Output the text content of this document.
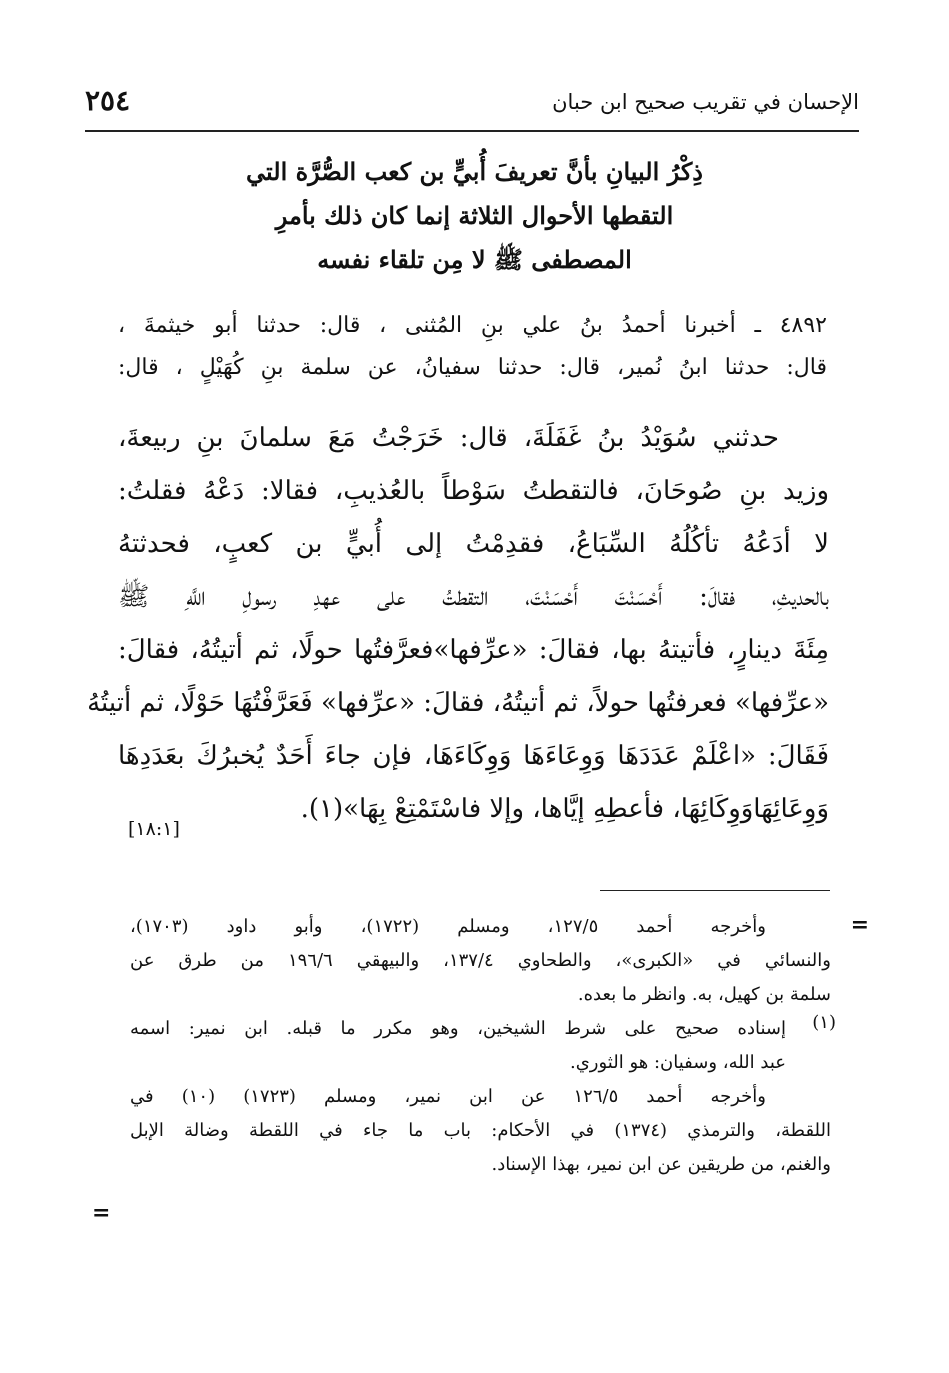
الإحسان في تقريب صحيح ابن حبان
٢٥٤
ذِكْرُ البيانِ بأنَّ تعريفَ أُبيٍّ بن كعب الصُّرَّة التي
التقطها الأحوال الثلاثة إنما كان ذلك بأمرِ
المصطفى ﷺ لا مِن تلقاء نفسه
٤٨٩٢ ـ أخبرنا أحمدُ بنُ علي بنِ المُثنى ، قال: حدثنا أبو خيثمةَ ،
قال: حدثنا ابنُ نُمير، قال: حدثنا سفيانُ، عن سلمة بنِ كُهَيْلٍ ، قال:
حدثني سُوَيْدُ بنُ غَفَلَةَ، قال: خَرَجْتُ مَعَ سلمانَ بنِ ربيعةَ،
وزيد بنِ صُوحَانَ، فالتقطتُ سَوْطاً بالعُذيبِ، فقالا: دَعْهُ فقلتُ:
لا أدَعُهُ تأكُلُهُ السِّبَاعُ، فقدِمْتُ إلى أُبيٍّ بن كعبٍ، فحدثتهُ
بالحديثِ، فقالَ: أَحْسَنْتَ أَحْسَنْتَ، التقطتُ على عهدِ رسولِ اللَّهِ ﷺ
مِئَةَ دينارٍ، فأتيتهُ بها، فقالَ: «عرِّفها»فعرَّفتُها حولًا، ثم أتيتُهُ، فقالَ:
«عرِّفها» فعرفتُها حولاً، ثم أتيتُهُ، فقالَ: «عرِّفها» فَعَرَّفْتُهَا حَوْلًا، ثم أتيتُهُ
فَقَالَ: «اعْلَمْ عَدَدَهَا وَوِعَاءَهَا وَوِكَاءَهَا، فإن جاءَ أَحَدٌ يُخبرُكَ بعَدَدِهَا
وَوِعَائِهَاوَوِكَائِهَا، فأعطِهِ إيَّاها، وإلا فاسْتَمْتِعْ بِهَا»(١).
[١٨:١]
=
وأخرجه أحمد ١٢٧/٥، ومسلم (١٧٢٢)، وأبو داود (١٧٠٣)،
والنسائي في «الكبرى»، والطحاوي ١٣٧/٤، والبيهقي ١٩٦/٦ من طرق عن
سلمة بن كهيل، به. وانظر ما بعده.
(١)
إسناده صحيح على شرط الشيخين، وهو مكرر ما قبله. ابن نمير: اسمه
عبد الله، وسفيان: هو الثوري.
وأخرجه أحمد ١٢٦/٥ عن ابن نمير، ومسلم (١٧٢٣) (١٠) في
اللقطة، والترمذي (١٣٧٤) في الأحكام: باب ما جاء في اللقطة وضالة الإبل
والغنم، من طريقين عن ابن نمير، بهذا الإسناد.
=
